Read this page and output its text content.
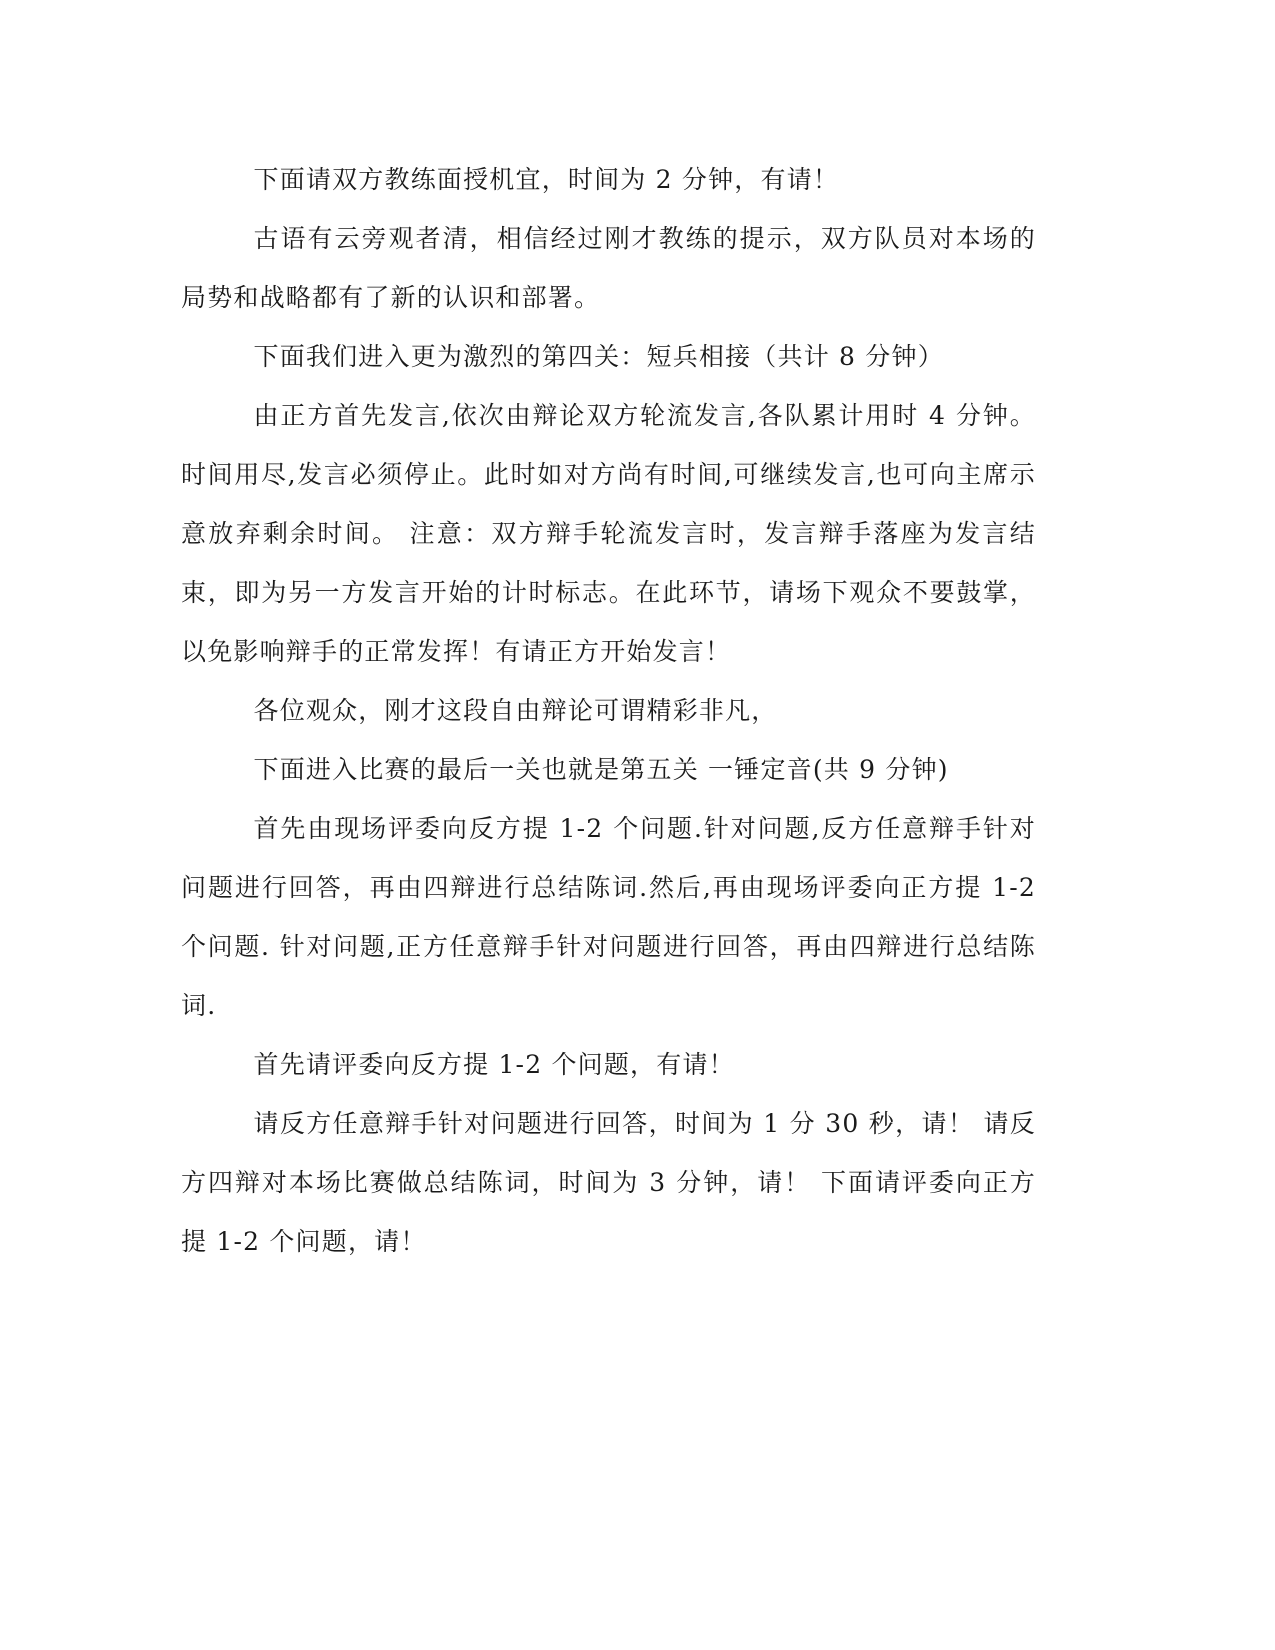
下面请双方教练面授机宜，时间为 2 分钟，有请！

古语有云旁观者清，相信经过刚才教练的提示，双方队员对本场的局势和战略都有了新的认识和部署。

下面我们进入更为激烈的第四关：短兵相接（共计 8 分钟）

由正方首先发言,依次由辩论双方轮流发言,各队累计用时 4 分钟。时间用尽,发言必须停止。此时如对方尚有时间,可继续发言,也可向主席示意放弃剩余时间。 注意：双方辩手轮流发言时，发言辩手落座为发言结束，即为另一方发言开始的计时标志。在此环节，请场下观众不要鼓掌，以免影响辩手的正常发挥！有请正方开始发言！

各位观众，刚才这段自由辩论可谓精彩非凡，

下面进入比赛的最后一关也就是第五关 一锤定音(共 9 分钟)

首先由现场评委向反方提 1-2 个问题.针对问题,反方任意辩手针对问题进行回答，再由四辩进行总结陈词.然后,再由现场评委向正方提 1-2 个问题. 针对问题,正方任意辩手针对问题进行回答，再由四辩进行总结陈词.

首先请评委向反方提 1-2 个问题，有请！

请反方任意辩手针对问题进行回答，时间为 1 分 30 秒，请！ 请反方四辩对本场比赛做总结陈词，时间为 3 分钟，请！ 下面请评委向正方提 1-2 个问题，请！
